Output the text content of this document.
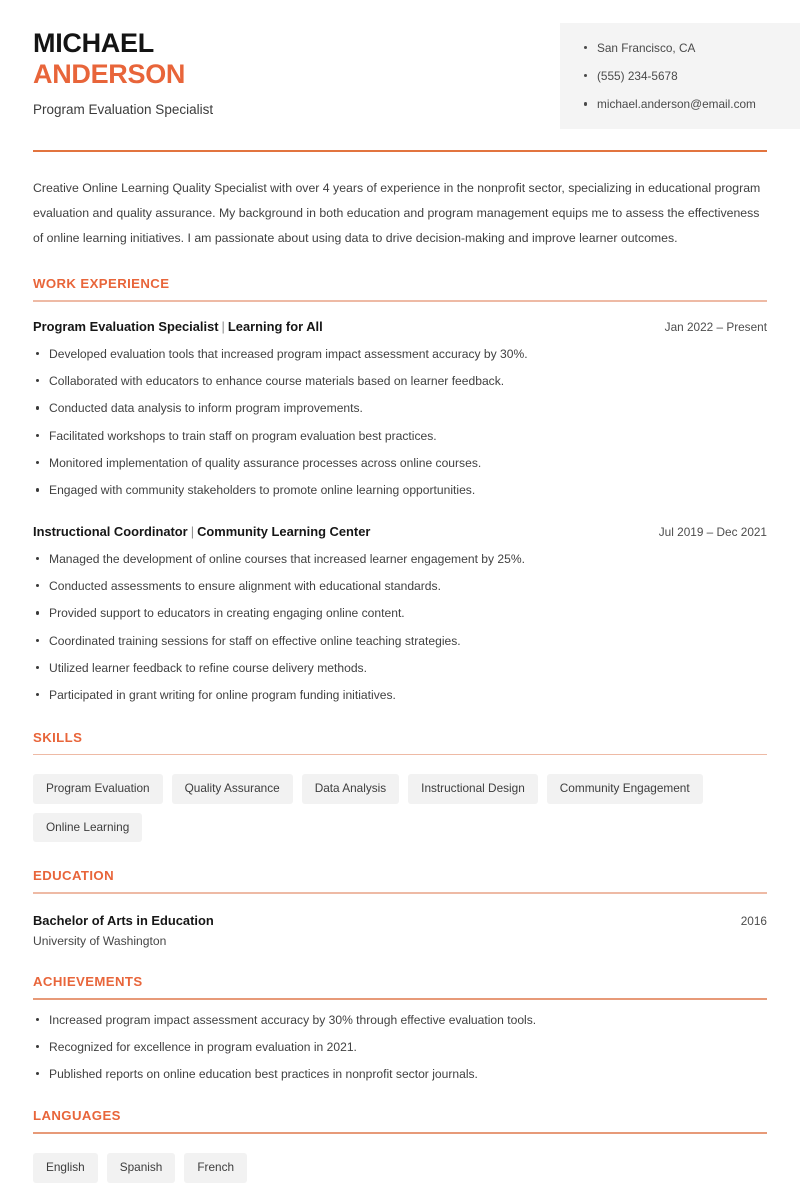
MICHAEL
ANDERSON
Program Evaluation Specialist
San Francisco, CA
(555) 234-5678
michael.anderson@email.com

Creative Online Learning Quality Specialist with over 4 years of experience in the nonprofit sector, specializing in educational program evaluation and quality assurance. My background in both education and program management equips me to assess the effectiveness of online learning initiatives. I am passionate about using data to drive decision-making and improve learner outcomes.

WORK EXPERIENCE
Program Evaluation Specialist | Learning for All	Jan 2022 – Present
Developed evaluation tools that increased program impact assessment accuracy by 30%.
Collaborated with educators to enhance course materials based on learner feedback.
Conducted data analysis to inform program improvements.
Facilitated workshops to train staff on program evaluation best practices.
Monitored implementation of quality assurance processes across online courses.
Engaged with community stakeholders to promote online learning opportunities.
Instructional Coordinator | Community Learning Center	Jul 2019 – Dec 2021
Managed the development of online courses that increased learner engagement by 25%.
Conducted assessments to ensure alignment with educational standards.
Provided support to educators in creating engaging online content.
Coordinated training sessions for staff on effective online teaching strategies.
Utilized learner feedback to refine course delivery methods.
Participated in grant writing for online program funding initiatives.
SKILLS
Program Evaluation	Quality Assurance	Data Analysis	Instructional Design	Community Engagement
Online Learning
EDUCATION
Bachelor of Arts in Education	2016
University of Washington
ACHIEVEMENTS
Increased program impact assessment accuracy by 30% through effective evaluation tools.
Recognized for excellence in program evaluation in 2021.
Published reports on online education best practices in nonprofit sector journals.
LANGUAGES
English	Spanish	French
